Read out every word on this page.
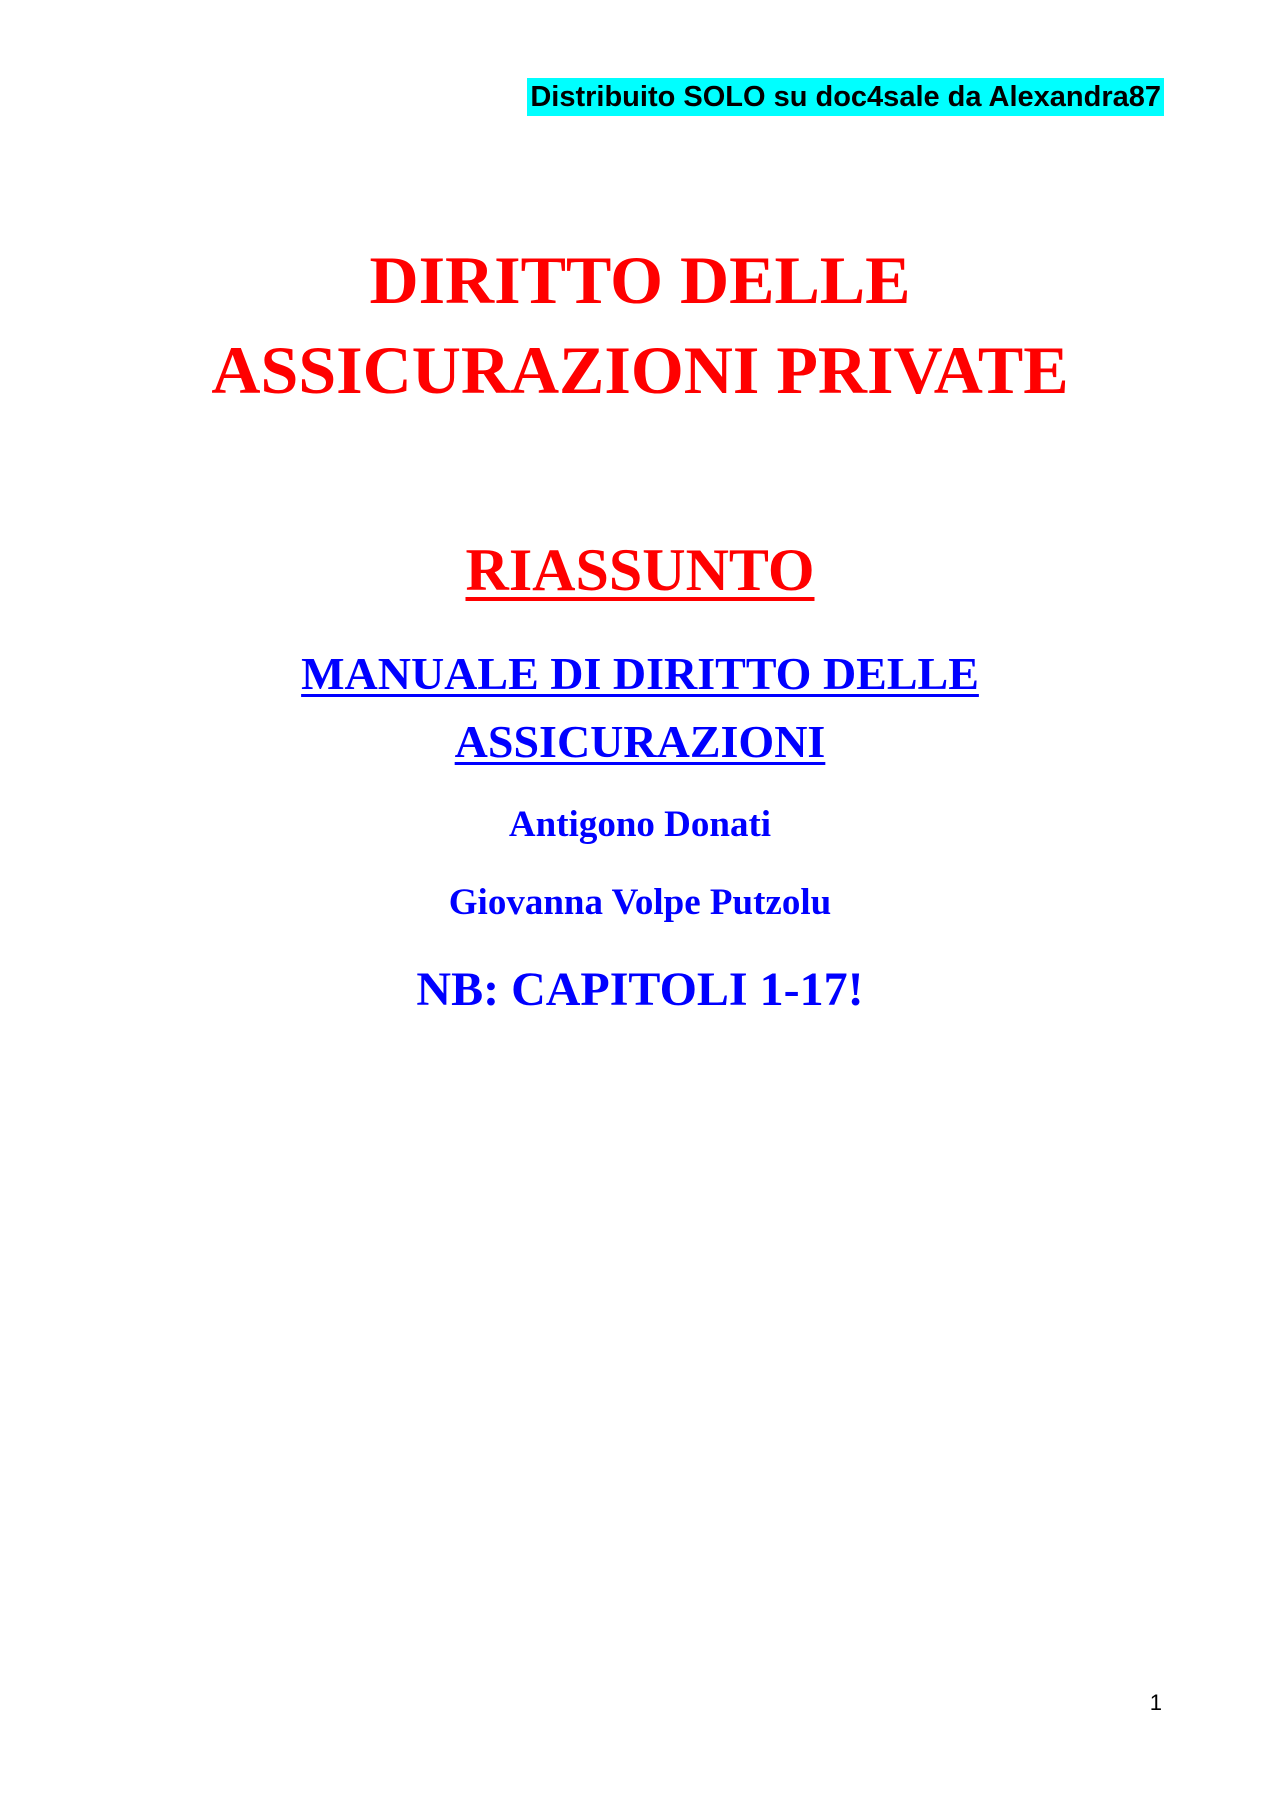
Distribuito SOLO su doc4sale da Alexandra87
DIRITTO DELLE
ASSICURAZIONI PRIVATE
RIASSUNTO
MANUALE DI DIRITTO DELLE
ASSICURAZIONI
Antigono Donati
Giovanna Volpe Putzolu
NB: CAPITOLI 1-17!
1
